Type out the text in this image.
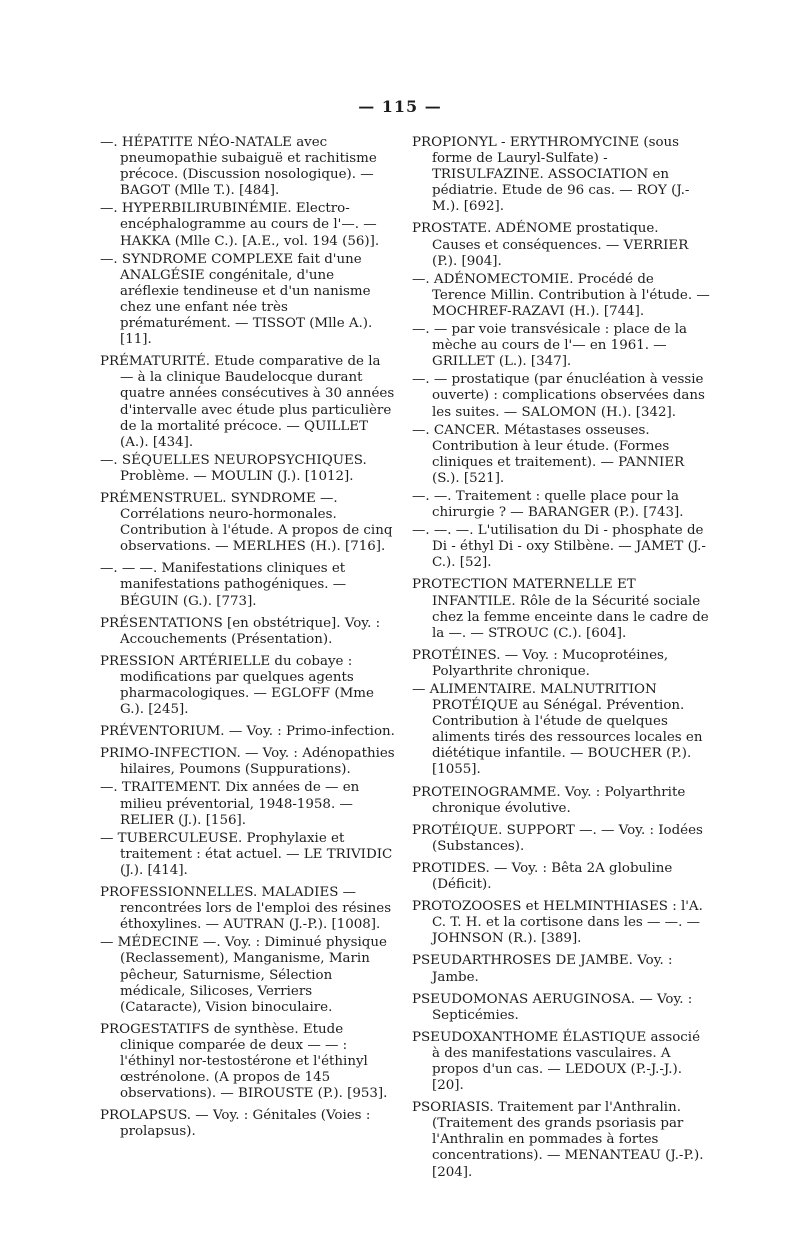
— 115 —

—. HÉPATITE NÉO-NATALE avec pneumopathie subaiguë et rachitisme précoce. (Discussion nosologique). — BAGOT (Mlle T.). [484].

—. HYPERBILIRUBINÉMIE. Electro-encéphalogramme au cours de l'—. — HAKKA (Mlle C.). [A.E., vol. 194 (56)].

—. SYNDROME COMPLEXE fait d'une ANALGÉSIE congénitale, d'une aréflexie tendineuse et d'un nanisme chez une enfant née très prématurément. — TISSOT (Mlle A.). [11].

PRÉMATURITÉ. Etude comparative de la — à la clinique Baudelocque durant quatre années consécutives à 30 années d'intervalle avec étude plus particulière de la mortalité précoce. — QUILLET (A.). [434].

—. SÉQUELLES NEUROPSYCHIQUES. Problème. — MOULIN (J.). [1012].

PRÉMENSTRUEL. SYNDROME —. Corrélations neuro-hormonales. Contribution à l'étude. A propos de cinq observations. — MERLHES (H.). [716].

—. — —. Manifestations cliniques et manifestations pathogéniques. — BÉGUIN (G.). [773].

PRÉSENTATIONS [en obstétrique]. Voy. : Accouchements (Présentation).

PRESSION ARTÉRIELLE du cobaye : modifications par quelques agents pharmacologiques. — EGLOFF (Mme G.). [245].

PRÉVENTORIUM. — Voy. : Primo-infection.

PRIMO-INFECTION. — Voy. : Adénopathies hilaires, Poumons (Suppurations).

—. TRAITEMENT. Dix années de — en milieu préventorial, 1948-1958. — RELIER (J.). [156].

— TUBERCULEUSE. Prophylaxie et traitement : état actuel. — LE TRIVIDIC (J.). [414].

PROFESSIONNELLES. MALADIES — rencontrées lors de l'emploi des résines éthoxylines. — AUTRAN (J.-P.). [1008].

— MÉDECINE —. Voy. : Diminué physique (Reclassement), Manganisme, Marin pêcheur, Saturnisme, Sélection médicale, Silicoses, Verriers (Cataracte), Vision binoculaire.

PROGESTATIFS de synthèse. Etude clinique comparée de deux — — : l'éthinyl nor-testostérone et l'éthinyl œstrénolone. (A propos de 145 observations). — BIROUSTE (P.). [953].

PROLAPSUS. — Voy. : Génitales (Voies : prolapsus).

PROPIONYL - ERYTHROMYCINE (sous forme de Lauryl-Sulfate) - TRISULFAZINE. ASSOCIATION en pédiatrie. Etude de 96 cas. — ROY (J.-M.). [692].

PROSTATE. ADÉNOME prostatique. Causes et conséquences. — VERRIER (P.). [904].

—. ADÉNOMECTOMIE. Procédé de Terence Millin. Contribution à l'étude. —MOCHREF-RAZAVI (H.). [744].

—. — par voie transvésicale : place de la mèche au cours de l'— en 1961. — GRILLET (L.). [347].

—. — prostatique (par énucléation à vessie ouverte) : complications observées dans les suites. — SALOMON (H.). [342].

—. CANCER. Métastases osseuses. Contribution à leur étude. (Formes cliniques et traitement). — PANNIER (S.). [521].

—. —. Traitement : quelle place pour la chirurgie ? — BARANGER (P.). [743].

—. —. —. L'utilisation du Di - phosphate de Di - éthyl Di - oxy Stilbène. — JAMET (J.-C.). [52].

PROTECTION MATERNELLE ET INFANTILE. Rôle de la Sécurité sociale chez la femme enceinte dans le cadre de la —. — STROUC (C.). [604].

PROTÉINES. — Voy. : Mucoprotéines, Polyarthrite chronique.

— ALIMENTAIRE. MALNUTRITION PROTÉIQUE au Sénégal. Prévention. Contribution à l'étude de quelques aliments tirés des ressources locales en diététique infantile. — BOUCHER (P.). [1055].

PROTEINOGRAMME. Voy. : Polyarthrite chronique évolutive.

PROTÉIQUE. SUPPORT —. — Voy. : Iodées (Substances).

PROTIDES. — Voy. : Bêta 2A globuline (Déficit).

PROTOZOOSES et HELMINTHIASES : l'A. C. T. H. et la cortisone dans les — —. — JOHNSON (R.). [389].

PSEUDARTHROSES DE JAMBE. Voy. : Jambe.

PSEUDOMONAS AERUGINOSA. — Voy. : Septicémies.

PSEUDOXANTHOME ÉLASTIQUE associé à des manifestations vasculaires. A propos d'un cas. — LEDOUX (P.-J.-J.). [20].

PSORIASIS. Traitement par l'Anthralin. (Traitement des grands psoriasis par l'Anthralin en pommades à fortes concentrations). — MENANTEAU (J.-P.). [204].
